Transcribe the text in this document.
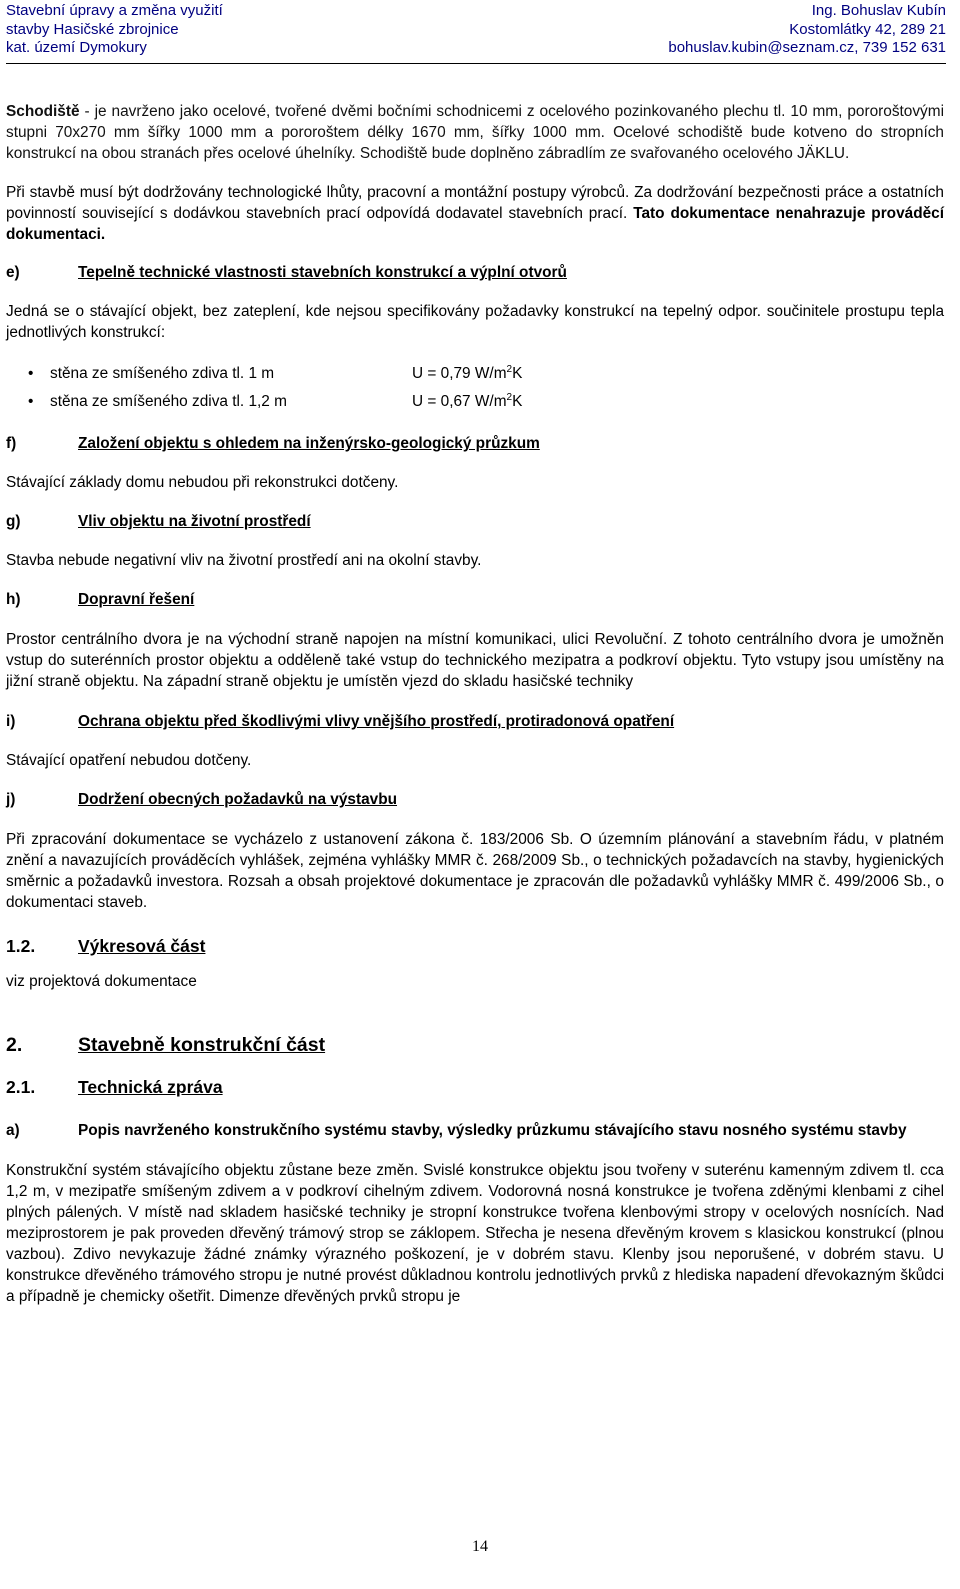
Stavební úpravy a změna využití
stavby Hasičské zbrojnice
kat. území Dymokury
Ing. Bohuslav Kubín
Kostomlátky 42, 289 21
bohuslav.kubin@seznam.cz, 739 152 631

Schodiště - je navrženo jako ocelové, tvořené dvěmi bočními schodnicemi z ocelového pozinkovaného plechu tl. 10 mm, pororoštovými stupni 70x270 mm šířky 1000 mm a pororoštem délky 1670 mm, šířky 1000 mm. Ocelové schodiště bude kotveno do stropních konstrukcí na obou stranách přes ocelové úhelníky. Schodiště bude doplněno zábradlím ze svařovaného ocelového JÄKLU.

Při stavbě musí být dodržovány technologické lhůty, pracovní a montážní postupy výrobců. Za dodržování bezpečnosti práce a ostatních povinností související s dodávkou stavebních prací odpovídá dodavatel stavebních prací. Tato dokumentace nenahrazuje prováděcí dokumentaci.

e)	Tepelně technické vlastnosti stavebních konstrukcí a výplní otvorů

Jedná se o stávající objekt, bez zateplení, kde nejsou specifikovány požadavky konstrukcí na tepelný odpor. součinitele prostupu tepla jednotlivých konstrukcí:

•	stěna ze smíšeného zdiva tl. 1 m	U = 0,79 $W/m^2K$
•	stěna ze smíšeného zdiva tl. 1,2 m	U = 0,67 $W/m^2K$
f)	Založení objektu s ohledem na inženýrsko-geologický průzkum

Stávající základy domu nebudou při rekonstrukci dotčeny.

g)	Vliv objektu na životní prostředí

Stavba nebude negativní vliv na životní prostředí ani na okolní stavby.

h)	Dopravní řešení

Prostor centrálního dvora je na východní straně napojen na místní komunikaci, ulici Revoluční. Z tohoto centrálního dvora je umožněn vstup do suterénních prostor objektu a odděleně také vstup do technického mezipatra a podkroví objektu. Tyto vstupy jsou umístěny na jižní straně objektu. Na západní straně objektu je umístěn vjezd do skladu hasičské techniky

i)	Ochrana objektu před škodlivými vlivy vnějšího prostředí, protiradonová opatření

Stávající opatření nebudou dotčeny.

j)	Dodržení obecných požadavků na výstavbu

Při zpracování dokumentace se vycházelo z ustanovení zákona č. 183/2006 Sb. O územním plánování a stavebním řádu, v platném znění a navazujících prováděcích vyhlášek, zejména vyhlášky MMR č. 268/2009 Sb., o technických požadavcích na stavby, hygienických směrnic a požadavků investora. Rozsah a obsah projektové dokumentace je zpracován dle požadavků vyhlášky MMR č. 499/2006 Sb., o dokumentaci staveb.

1.2.	Výkresová část

viz projektová dokumentace

2.	Stavebně konstrukční část
2.1.	Technická zpráva
a)	Popis navrženého konstrukčního systému stavby, výsledky průzkumu stávajícího stavu nosného systému stavby

Konstrukční systém stávajícího objektu zůstane beze změn. Svislé konstrukce objektu jsou tvořeny v suterénu kamenným zdivem tl. cca 1,2 m, v mezipatře smíšeným zdivem a v podkroví cihelným zdivem. Vodorovná nosná konstrukce je tvořena zděnými klenbami z cihel plných pálených. V místě nad skladem hasičské techniky je stropní konstrukce tvořena klenbovými stropy v ocelových nosnících. Nad meziprostorem je pak proveden dřevěný trámový strop se záklopem. Střecha je nesena dřevěným krovem s klasickou konstrukcí (plnou vazbou). Zdivo nevykazuje žádné známky výrazného poškození, je v dobrém stavu. Klenby jsou neporušené, v dobrém stavu. U konstrukce dřevěného trámového stropu je nutné provést důkladnou kontrolu jednotlivých prvků z hlediska napadení dřevokazným škůdci a případně je chemicky ošetřit. Dimenze dřevěných prvků stropu je

14
